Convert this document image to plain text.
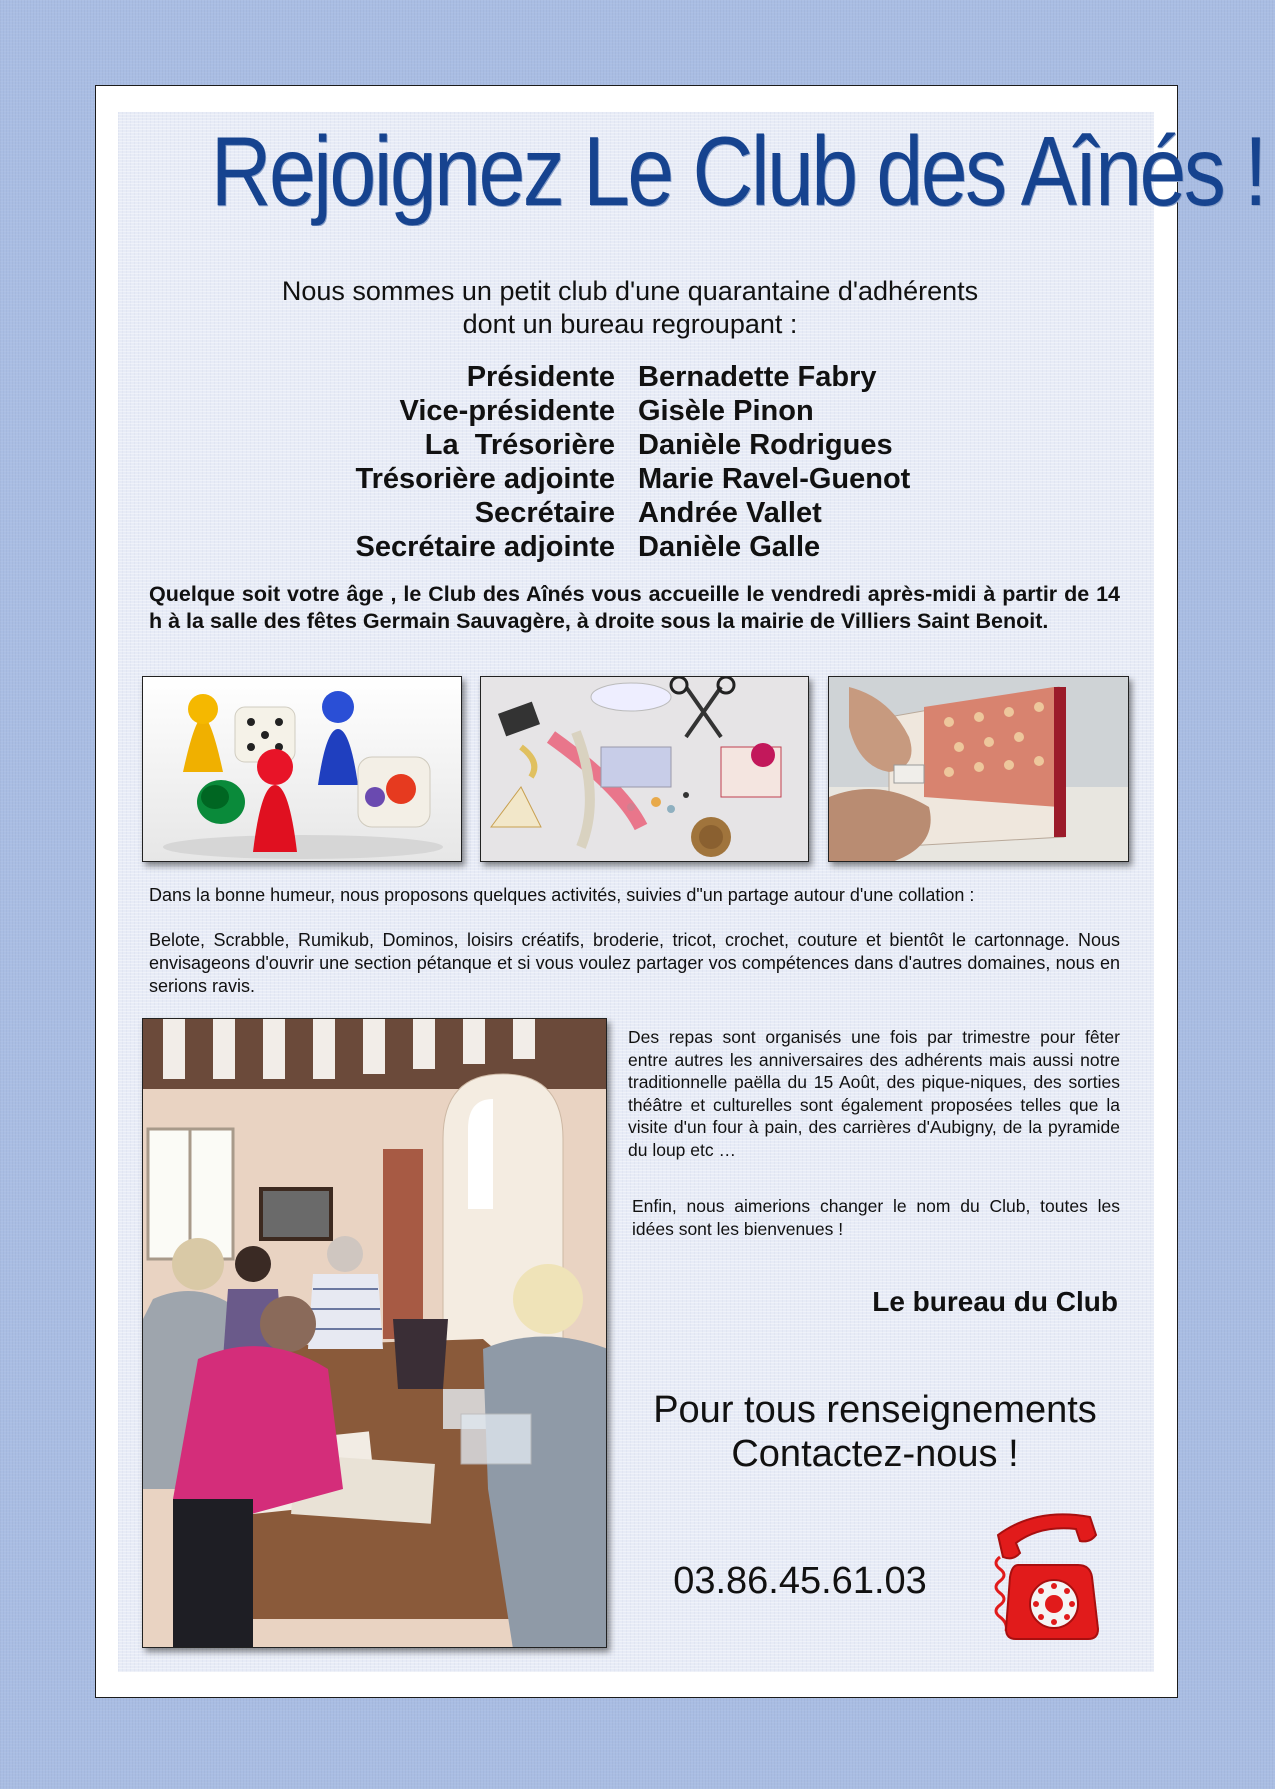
Rejoignez Le Club des Aînés !
Nous sommes un petit club d'une quarantaine d'adhérents
dont un bureau regroupant :
Présidente Bernadette Fabry
Vice-présidente Gisèle Pinon
La  Trésorière Danièle Rodrigues
Trésorière adjointe Marie Ravel-Guenot
Secrétaire Andrée Vallet
Secrétaire adjointe Danièle Galle
Quelque soit votre âge , le Club des Aînés vous accueille le vendredi après-midi à partir de 14 h à la salle des fêtes Germain Sauvagère, à droite sous la mairie de Villiers Saint Benoit.
Dans la bonne humeur, nous proposons quelques activités, suivies d"un partage autour d'une collation :
Belote, Scrabble, Rumikub, Dominos, loisirs créatifs, broderie, tricot, crochet, couture et bientôt le cartonnage. Nous envisageons d'ouvrir une section pétanque et si vous voulez partager vos compétences dans d'autres domaines, nous en serions ravis.
Des repas sont organisés une fois par trimestre pour fêter entre autres les anniversaires des adhérents mais aussi notre traditionnelle paëlla du 15 Août, des pique-niques, des sorties théâtre et culturelles sont également proposées telles que la visite d'un four à pain, des carrières d'Aubigny, de la pyramide du loup etc …
Enfin, nous aimerions changer le nom du Club, toutes les idées sont les bienvenues !
Le bureau du Club
Pour tous renseignements
Contactez-nous !
03.86.45.61.03
